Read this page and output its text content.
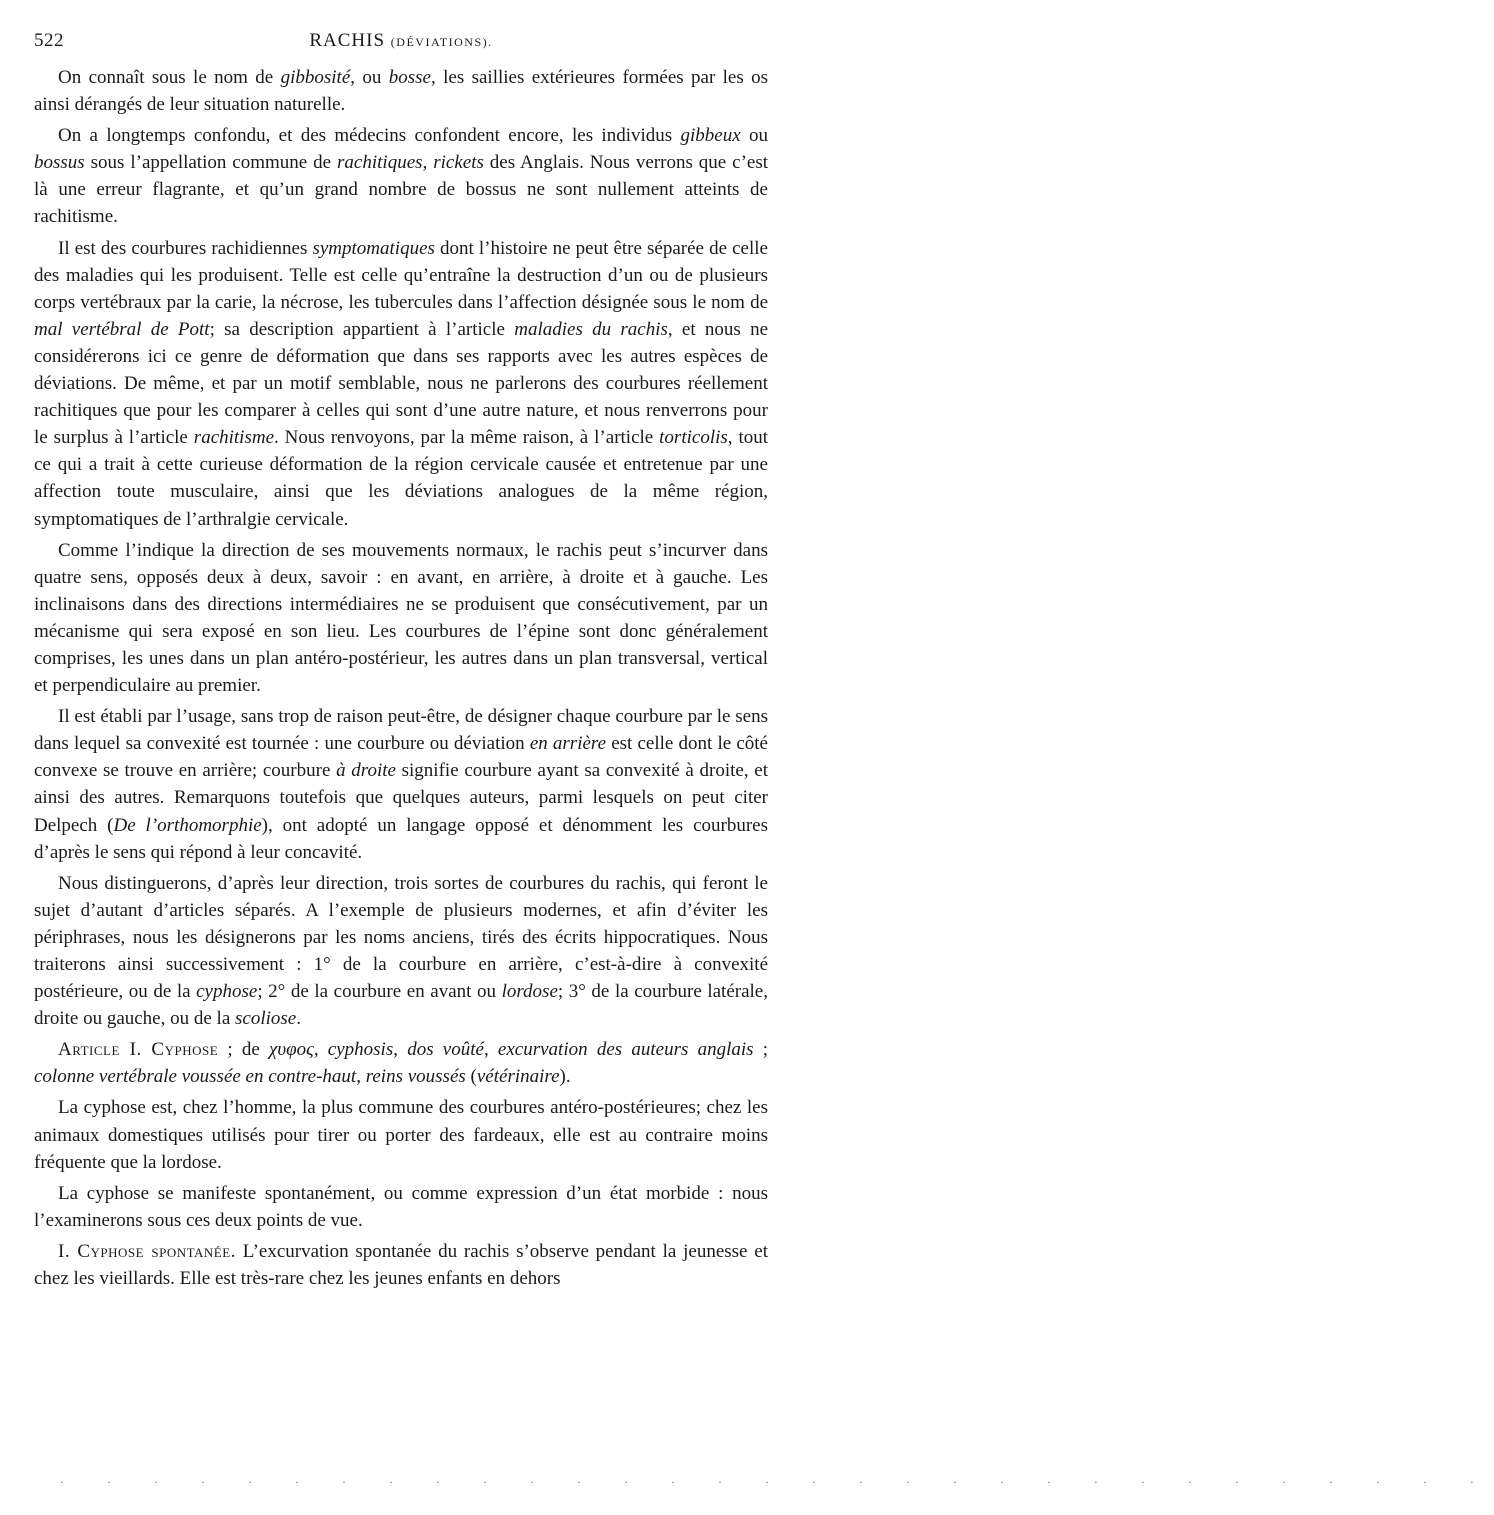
522	RACHIS (DÉVIATIONS).

On connaît sous le nom de gibbosité, ou bosse, les saillies extérieures formées par les os ainsi dérangés de leur situation naturelle.

On a longtemps confondu, et des médecins confondent encore, les individus gibbeux ou bossus sous l’appellation commune de rachitiques, rickets des Anglais. Nous verrons que c’est là une erreur flagrante, et qu’un grand nombre de bossus ne sont nullement atteints de rachitisme.

Il est des courbures rachidiennes symptomatiques dont l’histoire ne peut être séparée de celle des maladies qui les produisent. Telle est celle qu’entraîne la destruction d’un ou de plusieurs corps vertébraux par la carie, la nécrose, les tubercules dans l’affection désignée sous le nom de mal vertébral de Pott; sa description appartient à l’article maladies du rachis, et nous ne considérerons ici ce genre de déformation que dans ses rapports avec les autres espèces de déviations. De même, et par un motif semblable, nous ne parlerons des courbures réellement rachitiques que pour les comparer à celles qui sont d’une autre nature, et nous renverrons pour le surplus à l’article rachitisme. Nous renvoyons, par la même raison, à l’article torticolis, tout ce qui a trait à cette curieuse déformation de la région cervicale causée et entretenue par une affection toute musculaire, ainsi que les déviations analogues de la même région, symptomatiques de l’arthralgie cervicale.

Comme l’indique la direction de ses mouvements normaux, le rachis peut s’incurver dans quatre sens, opposés deux à deux, savoir : en avant, en arrière, à droite et à gauche. Les inclinaisons dans des directions intermédiaires ne se produisent que consécutivement, par un mécanisme qui sera exposé en son lieu. Les courbures de l’épine sont donc généralement comprises, les unes dans un plan antéro-postérieur, les autres dans un plan transversal, vertical et perpendiculaire au premier.

Il est établi par l’usage, sans trop de raison peut-être, de désigner chaque courbure par le sens dans lequel sa convexité est tournée : une courbure ou déviation en arrière est celle dont le côté convexe se trouve en arrière; courbure à droite signifie courbure ayant sa convexité à droite, et ainsi des autres. Remarquons toutefois que quelques auteurs, parmi lesquels on peut citer Delpech (De l’orthomorphie), ont adopté un langage opposé et dénomment les courbures d’après le sens qui répond à leur concavité.

Nous distinguerons, d’après leur direction, trois sortes de courbures du rachis, qui feront le sujet d’autant d’articles séparés. A l’exemple de plusieurs modernes, et afin d’éviter les périphrases, nous les désignerons par les noms anciens, tirés des écrits hippocratiques. Nous traiterons ainsi successivement : 1° de la courbure en arrière, c’est-à-dire à convexité postérieure, ou de la cyphose; 2° de la courbure en avant ou lordose; 3° de la courbure latérale, droite ou gauche, ou de la scoliose.

Article I. Cyphose ; de χυφος, cyphosis, dos voûté, excurvation des auteurs anglais ; colonne vertébrale voussée en contre-haut, reins voussés (vétérinaire).

La cyphose est, chez l’homme, la plus commune des courbures antéro-postérieures; chez les animaux domestiques utilisés pour tirer ou porter des fardeaux, elle est au contraire moins fréquente que la lordose.

La cyphose se manifeste spontanément, ou comme expression d’un état morbide : nous l’examinerons sous ces deux points de vue.

I. Cyphose spontanée. L’excurvation spontanée du rachis s’observe pendant la jeunesse et chez les vieillards. Elle est très-rare chez les jeunes enfants en dehors

· · · · · · · · · · · · · · · · · · · · · · · · · · · · · · ·
